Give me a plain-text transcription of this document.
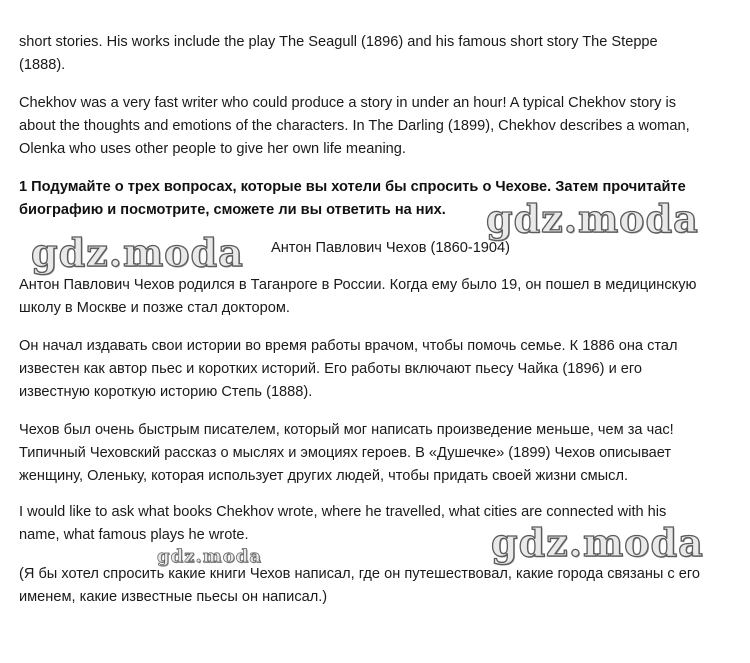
short stories. His works include the play The Seagull (1896) and his famous short story The Steppe
(1888).

Chekhov was a very fast writer who could produce a story in under an hour! A typical Chekhov story is
about the thoughts and emotions of the characters. In The Darling (1899), Chekhov describes a woman,
Olenka who uses other people to give her own life meaning.

1 Подумайте о трех вопросах, которые вы хотели бы спросить о Чехове. Затем прочитайте
биографию и посмотрите, сможете ли вы ответить на них.

Антон Павлович Чехов (1860-1904)

Антон Павлович Чехов родился в Таганроге в России. Когда ему было 19, он пошел в медицинскую
школу в Москве и позже стал доктором.

Он начал издавать свои истории во время работы врачом, чтобы помочь семье. К 1886 она стал
известен как автор пьес и коротких историй. Его работы включают пьесу Чайка (1896) и его
известную короткую историю Степь (1888).

Чехов был очень быстрым писателем, который мог написать произведение меньше, чем за час!
Типичный Чеховский рассказ о мыслях и эмоциях героев. В «Душечке» (1899) Чехов описывает
женщину, Оленьку, которая использует других людей, чтобы придать своей жизни смысл.

I would like to ask what books Chekhov wrote, where he travelled, what cities are connected with his
name, what famous plays he wrote.

(Я бы хотел спросить какие книги Чехов написал, где он путешествовал, какие города связаны с его
именем, какие известные пьесы он написал.)

gdz.moda
gdz.moda
gdz.moda
gdz.moda
